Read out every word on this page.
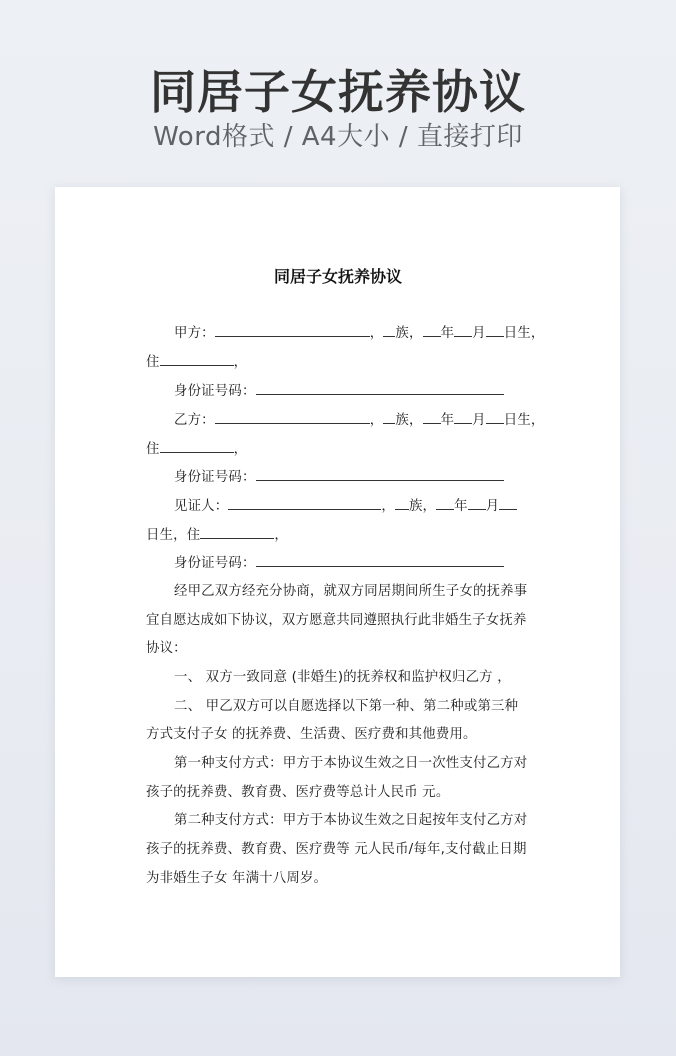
同居子女抚养协议
Word格式 / A4大小 / 直接打印
同居子女抚养协议
甲方：	， 族， 年 月 日生，
住	，
身份证号码：
乙方：	， 族， 年 月 日生，
住	，
身份证号码：
见证人：	， 族， 年 月
日生，住	，
身份证号码：
经甲乙双方经充分协商，就双方同居期间所生子女的抚养事
宜自愿达成如下协议，双方愿意共同遵照执行此非婚生子女抚养
协议：
一、 双方一致同意 (非婚生)的抚养权和监护权归乙方 ，
二、 甲乙双方可以自愿选择以下第一种、第二种或第三种
方式支付子女 的抚养费、生活费、医疗费和其他费用。
第一种支付方式：甲方于本协议生效之日一次性支付乙方对
孩子的抚养费、教育费、医疗费等总计人民币 元。
第二种支付方式：甲方于本协议生效之日起按年支付乙方对
孩子的抚养费、教育费、医疗费等 元人民币/每年,支付截止日期
为非婚生子女 年满十八周岁。
